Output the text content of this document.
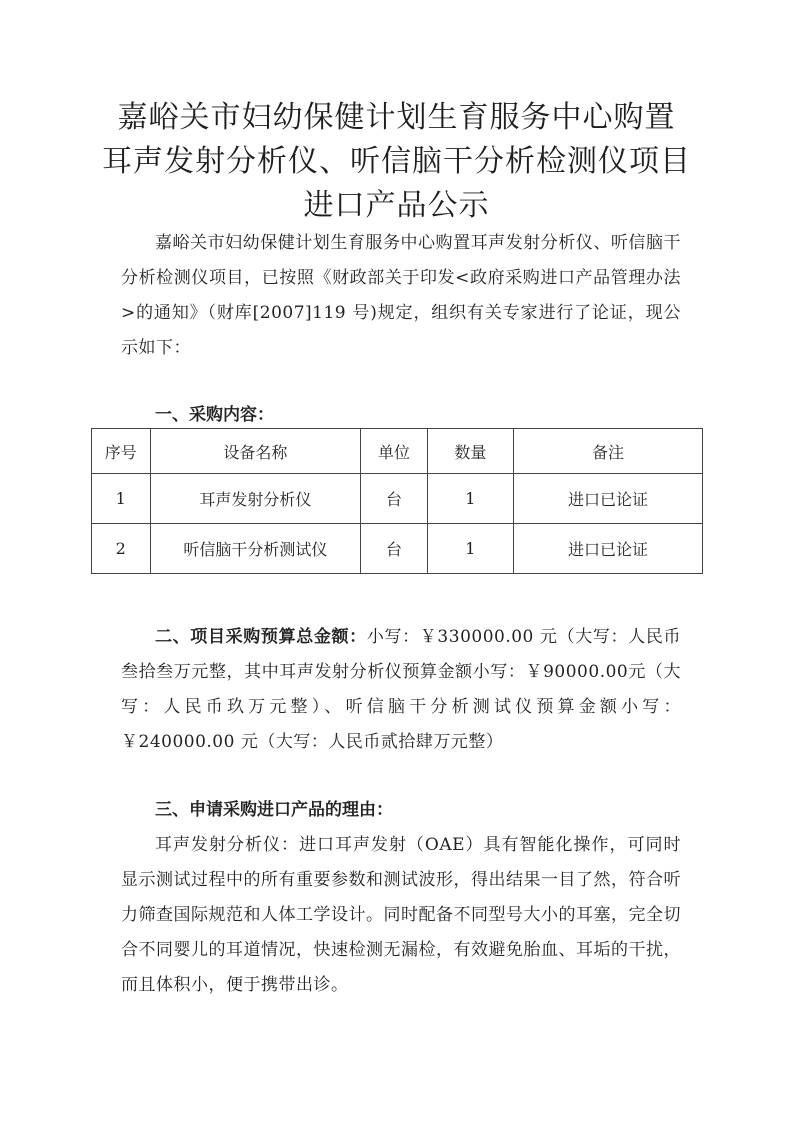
嘉峪关市妇幼保健计划生育服务中心购置
耳声发射分析仪、听信脑干分析检测仪项目
进口产品公示

嘉峪关市妇幼保健计划生育服务中心购置耳声发射分析仪、听信脑干分析检测仪项目，已按照《财政部关于印发<政府采购进口产品管理办法>的通知》（财库[2007]119 号)规定，组织有关专家进行了论证，现公示如下：

一、采购内容：
序号	设备名称	单位	数量	备注
1	耳声发射分析仪	台	1	进口已论证
2	听信脑干分析测试仪	台	1	进口已论证

二、项目采购预算总金额：小写：￥330000.00 元（大写：人民币叁拾叁万元整，其中耳声发射分析仪预算金额小写：￥90000.00元（大写：人民币玖万元整）、听信脑干分析测试仪预算金额小写：￥240000.00 元（大写：人民币贰拾肆万元整）

三、申请采购进口产品的理由：

耳声发射分析仪：进口耳声发射（OAE）具有智能化操作，可同时显示测试过程中的所有重要参数和测试波形，得出结果一目了然，符合听力筛查国际规范和人体工学设计。同时配备不同型号大小的耳塞，完全切合不同婴儿的耳道情况，快速检测无漏检，有效避免胎血、耳垢的干扰，而且体积小，便于携带出诊。
